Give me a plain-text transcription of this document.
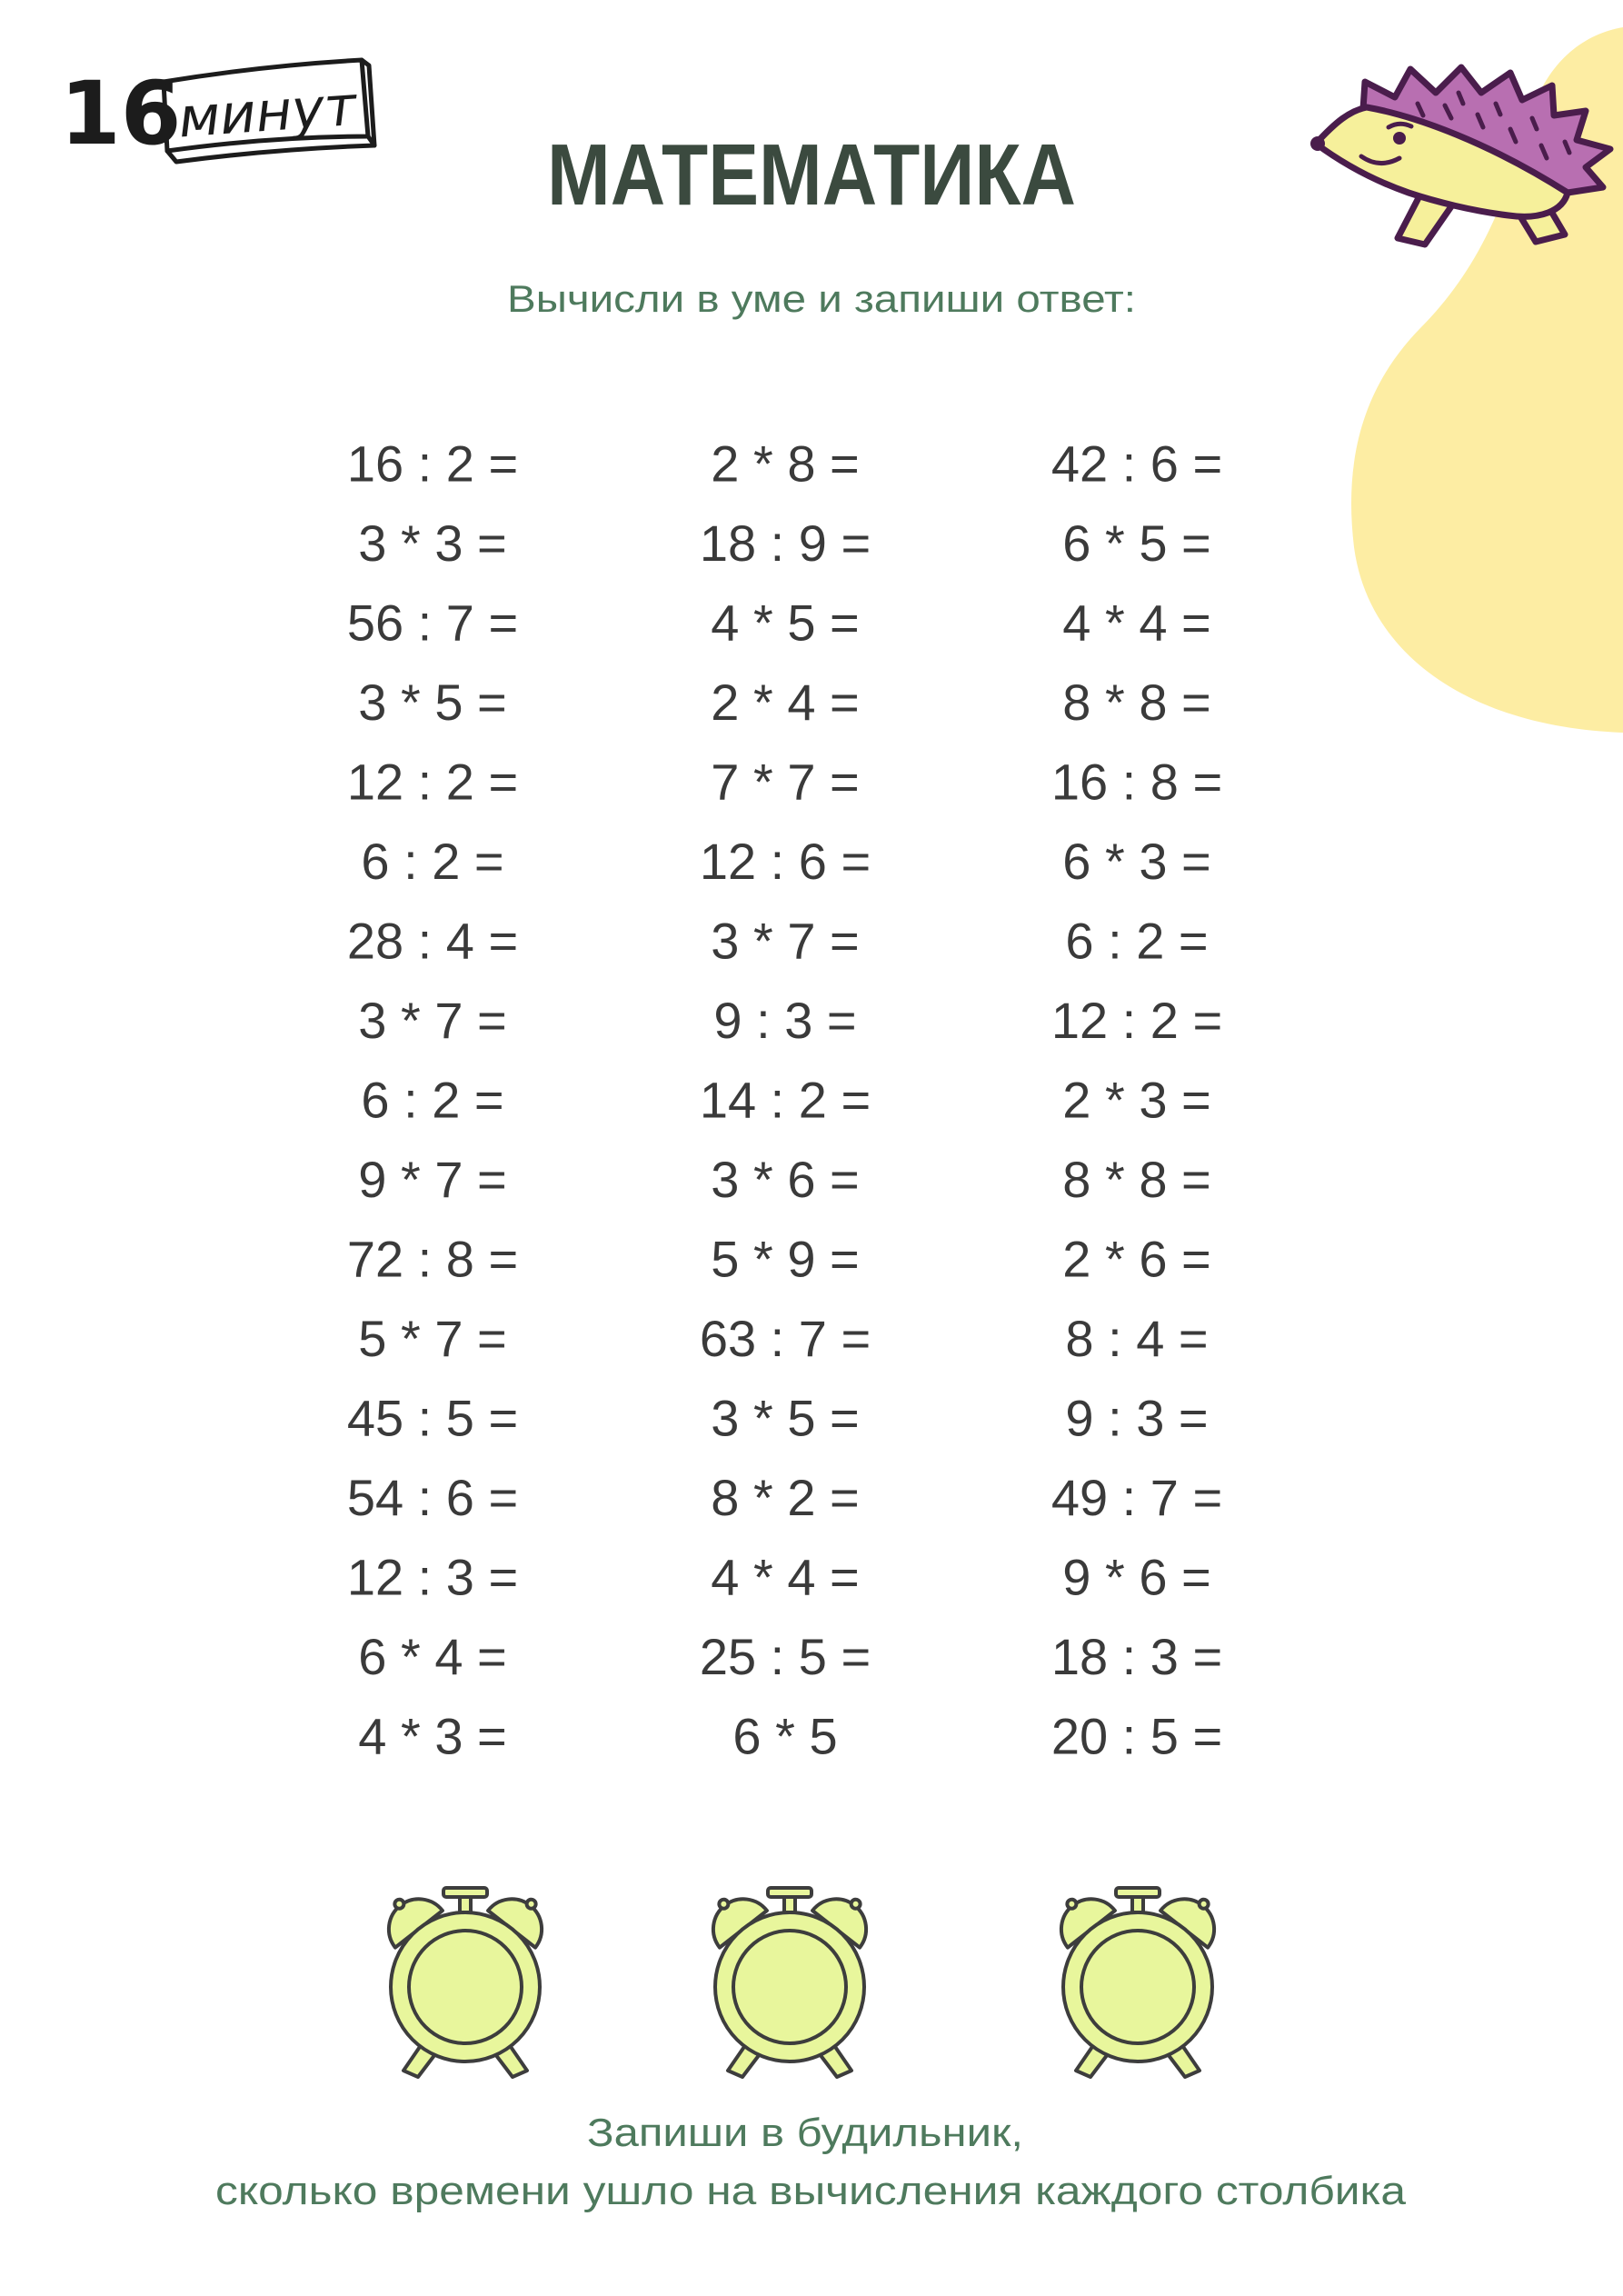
16
минут
МАТЕМАТИКА
Вычисли в уме и запиши ответ:
16 : 2 =
3 * 3 =
56 : 7 =
3 * 5 =
12 : 2 =
6 : 2 =
28 : 4 =
3 * 7 =
6 : 2 =
9 * 7 =
72 : 8 =
5 * 7 =
45 : 5 =
54 : 6 =
12 : 3 =
6 * 4 =
4 * 3 =
2 * 8 =
18 : 9 =
4 * 5 =
2 * 4 =
7 * 7 =
12 : 6 =
3 * 7 =
9 : 3 =
14 : 2 =
3 * 6 =
5 * 9 =
63 : 7 =
3 * 5 =
8 * 2 =
4 * 4 =
25 : 5 =
6 * 5
42 : 6 =
6 * 5 =
4 * 4 =
8 * 8 =
16 : 8 =
6 * 3 =
6 : 2 =
12 : 2 =
2 * 3 =
8 * 8 =
2 * 6 =
8 : 4 =
9 : 3 =
49 : 7 =
9 * 6 =
18 : 3 =
20 : 5 =
Запиши в будильник,
сколько времени ушло на вычисления каждого столбика
